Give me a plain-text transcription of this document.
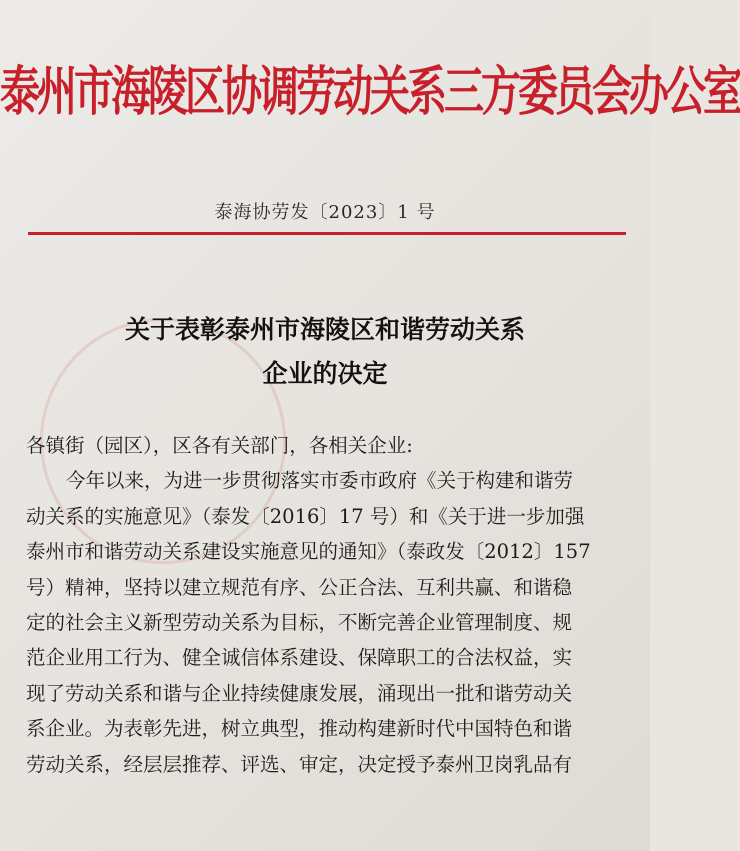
泰州市海陵区协调劳动关系三方委员会办公室
泰海协劳发〔2023〕1 号
关于表彰泰州市海陵区和谐劳动关系
企业的决定

各镇街（园区），区各有关部门，各相关企业:

今年以来，为进一步贯彻落实市委市政府《关于构建和谐劳

动关系的实施意见》（泰发〔2016〕17 号）和《关于进一步加强

泰州市和谐劳动关系建设实施意见的通知》（泰政发〔2012〕157

号）精神，坚持以建立规范有序、公正合法、互利共赢、和谐稳

定的社会主义新型劳动关系为目标，不断完善企业管理制度、规

范企业用工行为、健全诚信体系建设、保障职工的合法权益，实

现了劳动关系和谐与企业持续健康发展，涌现出一批和谐劳动关

系企业。为表彰先进，树立典型，推动构建新时代中国特色和谐

劳动关系，经层层推荐、评选、审定，决定授予泰州卫岗乳品有
